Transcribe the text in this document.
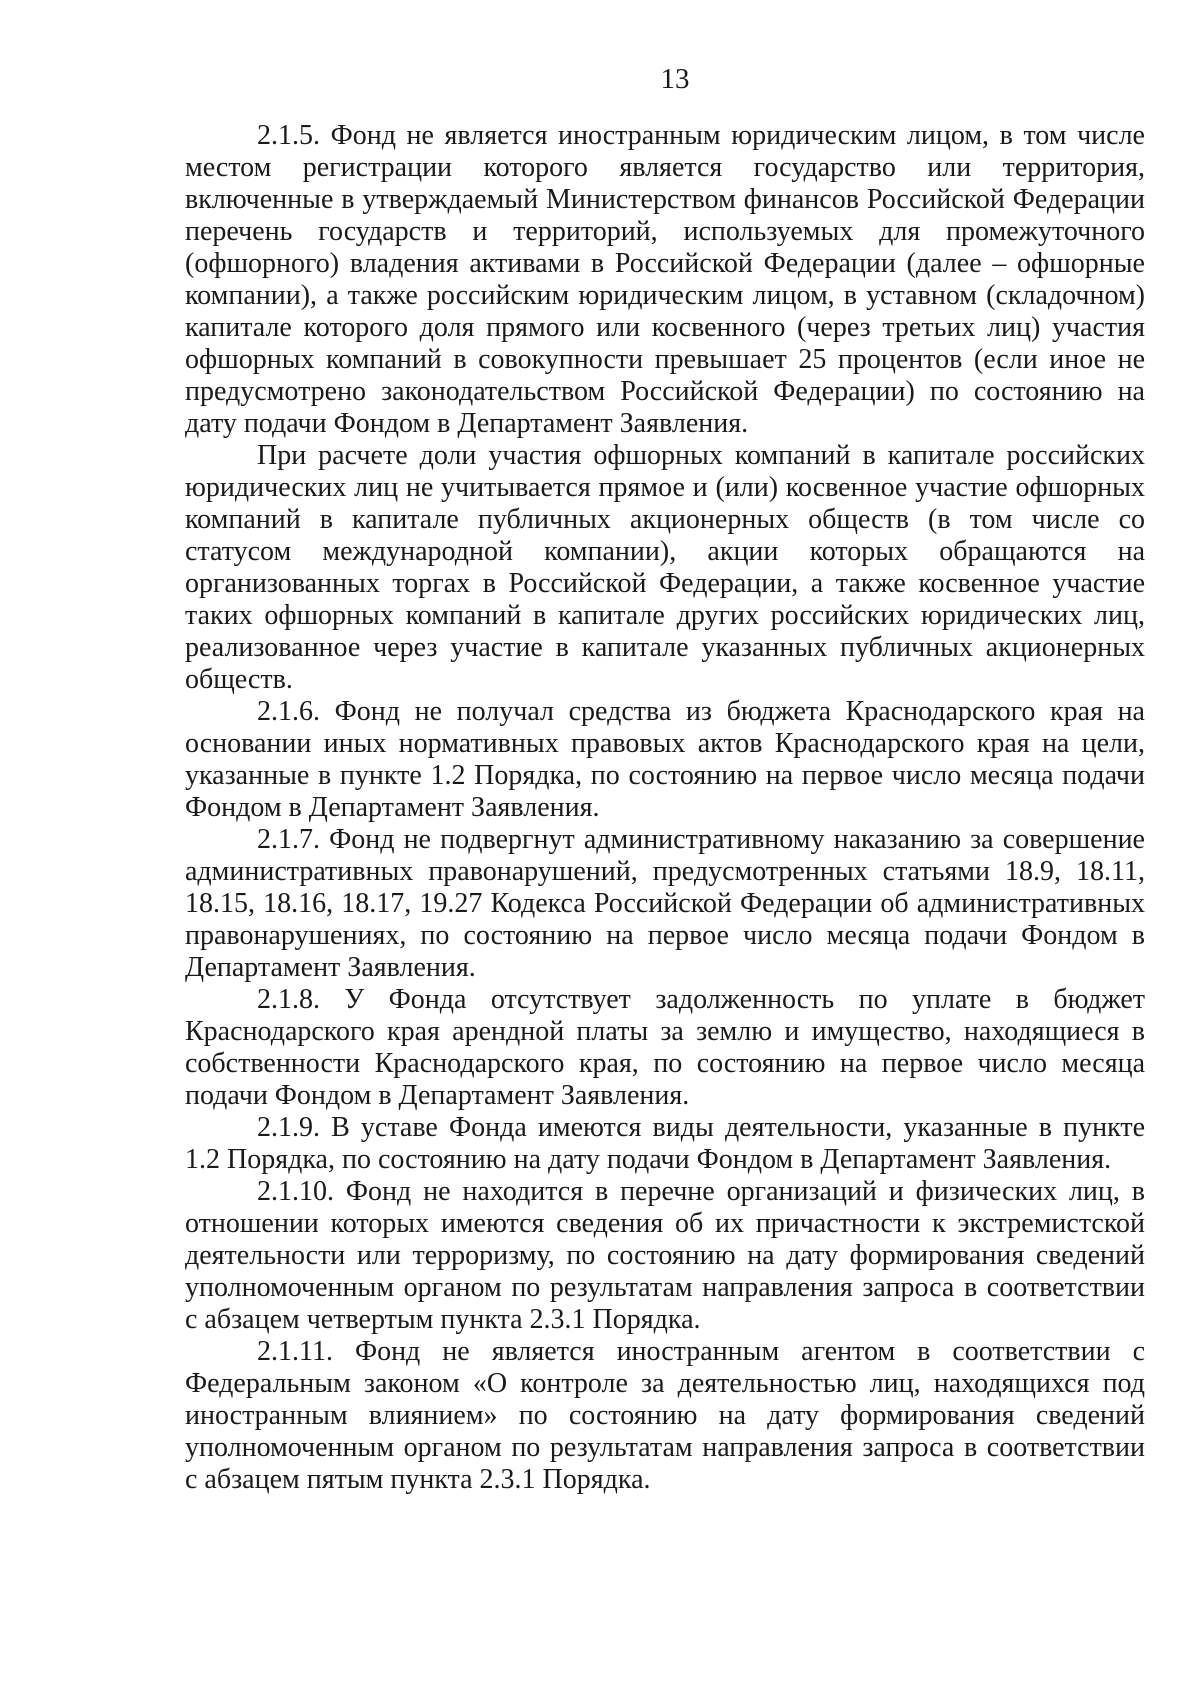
13

2.1.5. Фонд не является иностранным юридическим лицом, в том числе местом регистрации которого является государство или территория, включенные в утверждаемый Министерством финансов Российской Федерации перечень государств и территорий, используемых для промежуточного (офшорного) владения активами в Российской Федерации (далее – офшорные компании), а также российским юридическим лицом, в уставном (складочном) капитале которого доля прямого или косвенного (через третьих лиц) участия офшорных компаний в совокупности превышает 25 процентов (если иное не предусмотрено законодательством Российской Федерации) по состоянию на дату подачи Фондом в Департамент Заявления.

При расчете доли участия офшорных компаний в капитале российских юридических лиц не учитывается прямое и (или) косвенное участие офшорных компаний в капитале публичных акционерных обществ (в том числе со статусом международной компании), акции которых обращаются на организованных торгах в Российской Федерации, а также косвенное участие таких офшорных компаний в капитале других российских юридических лиц, реализованное через участие в капитале указанных публичных акционерных обществ.

2.1.6. Фонд не получал средства из бюджета Краснодарского края на основании иных нормативных правовых актов Краснодарского края на цели, указанные в пункте 1.2 Порядка, по состоянию на первое число месяца подачи Фондом в Департамент Заявления.

2.1.7. Фонд не подвергнут административному наказанию за совершение административных правонарушений, предусмотренных статьями 18.9, 18.11, 18.15, 18.16, 18.17, 19.27 Кодекса Российской Федерации об административных правонарушениях, по состоянию на первое число месяца подачи Фондом в Департамент Заявления.

2.1.8. У Фонда отсутствует задолженность по уплате в бюджет Краснодарского края арендной платы за землю и имущество, находящиеся в собственности Краснодарского края, по состоянию на первое число месяца подачи Фондом в Департамент Заявления.

2.1.9. В уставе Фонда имеются виды деятельности, указанные в пункте 1.2 Порядка, по состоянию на дату подачи Фондом в Департамент Заявления.

2.1.10. Фонд не находится в перечне организаций и физических лиц, в отношении которых имеются сведения об их причастности к экстремистской деятельности или терроризму, по состоянию на дату формирования сведений уполномоченным органом по результатам направления запроса в соответствии с абзацем четвертым пункта 2.3.1 Порядка.

2.1.11. Фонд не является иностранным агентом в соответствии с Федеральным законом «О контроле за деятельностью лиц, находящихся под иностранным влиянием» по состоянию на дату формирования сведений уполномоченным органом по результатам направления запроса в соответствии с абзацем пятым пункта 2.3.1 Порядка.
